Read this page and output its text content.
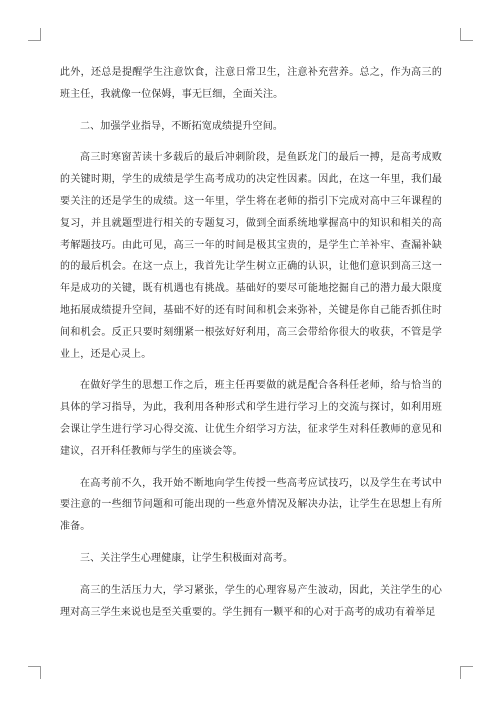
此外，还总是提醒学生注意饮食，注意日常卫生，注意补充营养。总之，作为高三的班主任，我就像一位保姆，事无巨细，全面关注。

二、加强学业指导，不断拓宽成绩提升空间。

高三时寒窗苦读十多载后的最后冲刺阶段，是鱼跃龙门的最后一搏，是高考成败的关键时期，学生的成绩是学生高考成功的决定性因素。因此，在这一年里，我们最要关注的还是学生的成绩。这一年里，学生将在老师的指引下完成对高中三年课程的复习，并且就题型进行相关的专题复习，做到全面系统地掌握高中的知识和相关的高考解题技巧。由此可见，高三一年的时间是极其宝贵的，是学生亡羊补牢、查漏补缺的的最后机会。在这一点上，我首先让学生树立正确的认识，让他们意识到高三这一年是成功的关键，既有机遇也有挑战。基础好的要尽可能地挖掘自己的潜力最大限度地拓展成绩提升空间，基础不好的还有时间和机会来弥补，关键是你自己能否抓住时间和机会。反正只要时刻绷紧一根弦好好利用，高三会带给你很大的收获，不管是学业上，还是心灵上。

在做好学生的思想工作之后，班主任再要做的就是配合各科任老师，给与恰当的具体的学习指导，为此，我利用各种形式和学生进行学习上的交流与探讨，如利用班会课让学生进行学习心得交流、让优生介绍学习方法，征求学生对科任教师的意见和建议，召开科任教师与学生的座谈会等。

在高考前不久，我开始不断地向学生传授一些高考应试技巧，以及学生在考试中要注意的一些细节问题和可能出现的一些意外情况及解决办法，让学生在思想上有所准备。

三、关注学生心理健康，让学生积极面对高考。

高三的生活压力大，学习紧张，学生的心理容易产生波动，因此，关注学生的心理对高三学生来说也是至关重要的。学生拥有一颗平和的心对于高考的成功有着举足
